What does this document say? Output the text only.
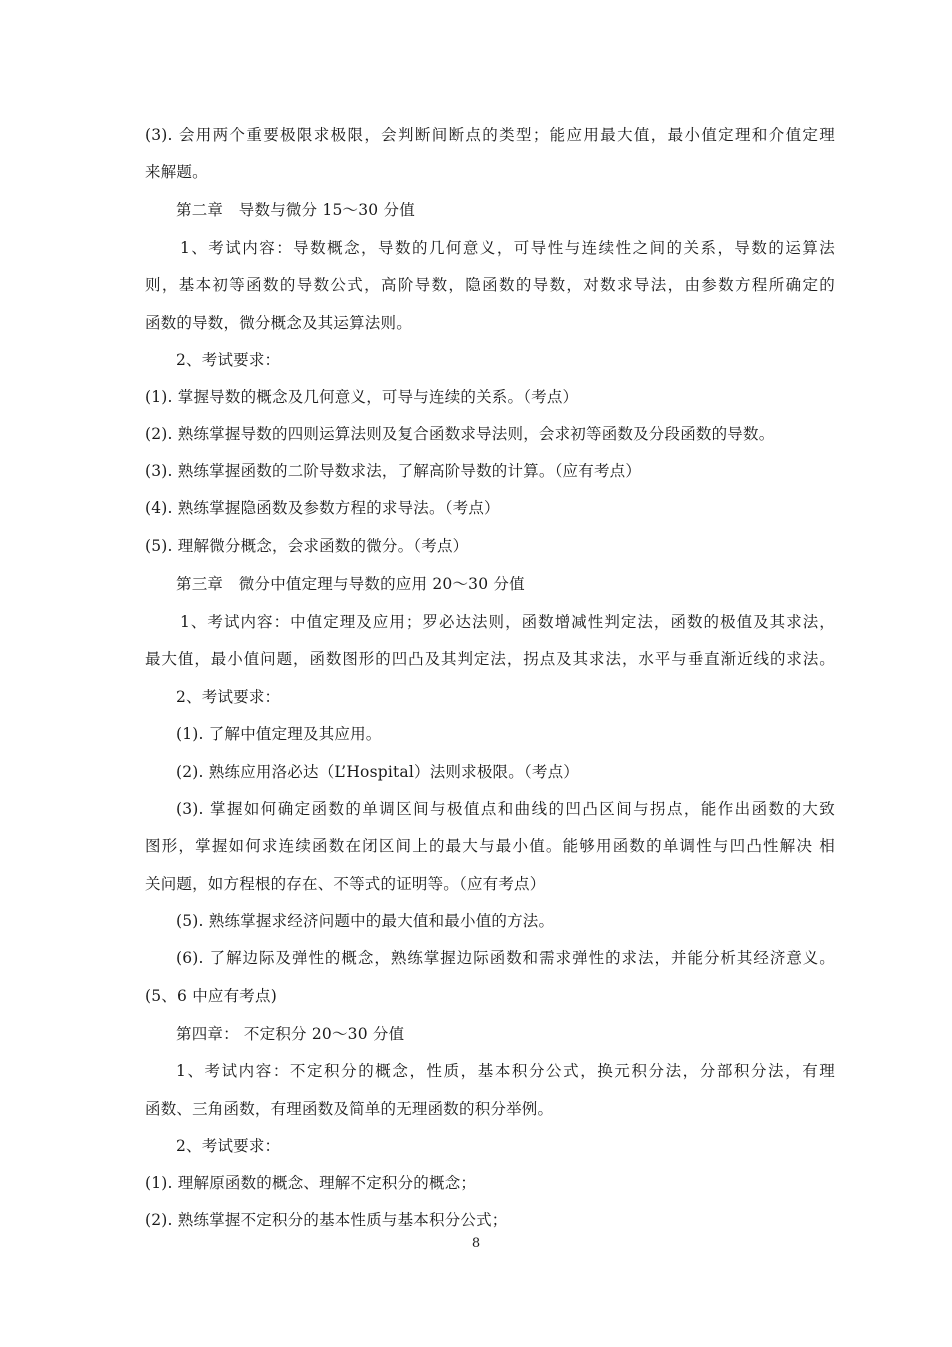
(3). 会用两个重要极限求极限，会判断间断点的类型；能应用最大值，最小值定理和介值定理
来解题。
第二章　导数与微分 15～30 分值
1、考试内容：导数概念，导数的几何意义，可导性与连续性之间的关系，导数的运算法
则，基本初等函数的导数公式，高阶导数，隐函数的导数，对数求导法，由参数方程所确定的
函数的导数，微分概念及其运算法则。
2、考试要求：
(1). 掌握导数的概念及几何意义，可导与连续的关系。（考点）
(2). 熟练掌握导数的四则运算法则及复合函数求导法则，会求初等函数及分段函数的导数。
(3). 熟练掌握函数的二阶导数求法，了解高阶导数的计算。（应有考点）
(4). 熟练掌握隐函数及参数方程的求导法。（考点）
(5). 理解微分概念，会求函数的微分。（考点）
第三章　微分中值定理与导数的应用 20～30 分值
1、考试内容：中值定理及应用；罗必达法则，函数增减性判定法，函数的极值及其求法，
最大值，最小值问题，函数图形的凹凸及其判定法，拐点及其求法，水平与垂直渐近线的求法。
2、考试要求：
(1). 了解中值定理及其应用。
(2). 熟练应用洛必达（L’Hospital）法则求极限。（考点）
(3). 掌握如何确定函数的单调区间与极值点和曲线的凹凸区间与拐点，能作出函数的大致
图形，掌握如何求连续函数在闭区间上的最大与最小值。能够用函数的单调性与凹凸性解决 相
关问题，如方程根的存在、不等式的证明等。（应有考点）
(5). 熟练掌握求经济问题中的最大值和最小值的方法。
(6). 了解边际及弹性的概念，熟练掌握边际函数和需求弹性的求法，并能分析其经济意义。
(5、6 中应有考点)
第四章： 不定积分 20～30 分值
1、考试内容：不定积分的概念，性质，基本积分公式，换元积分法，分部积分法，有理
函数、三角函数，有理函数及简单的无理函数的积分举例。
2、考试要求：
(1). 理解原函数的概念、理解不定积分的概念；
(2). 熟练掌握不定积分的基本性质与基本积分公式；
8
